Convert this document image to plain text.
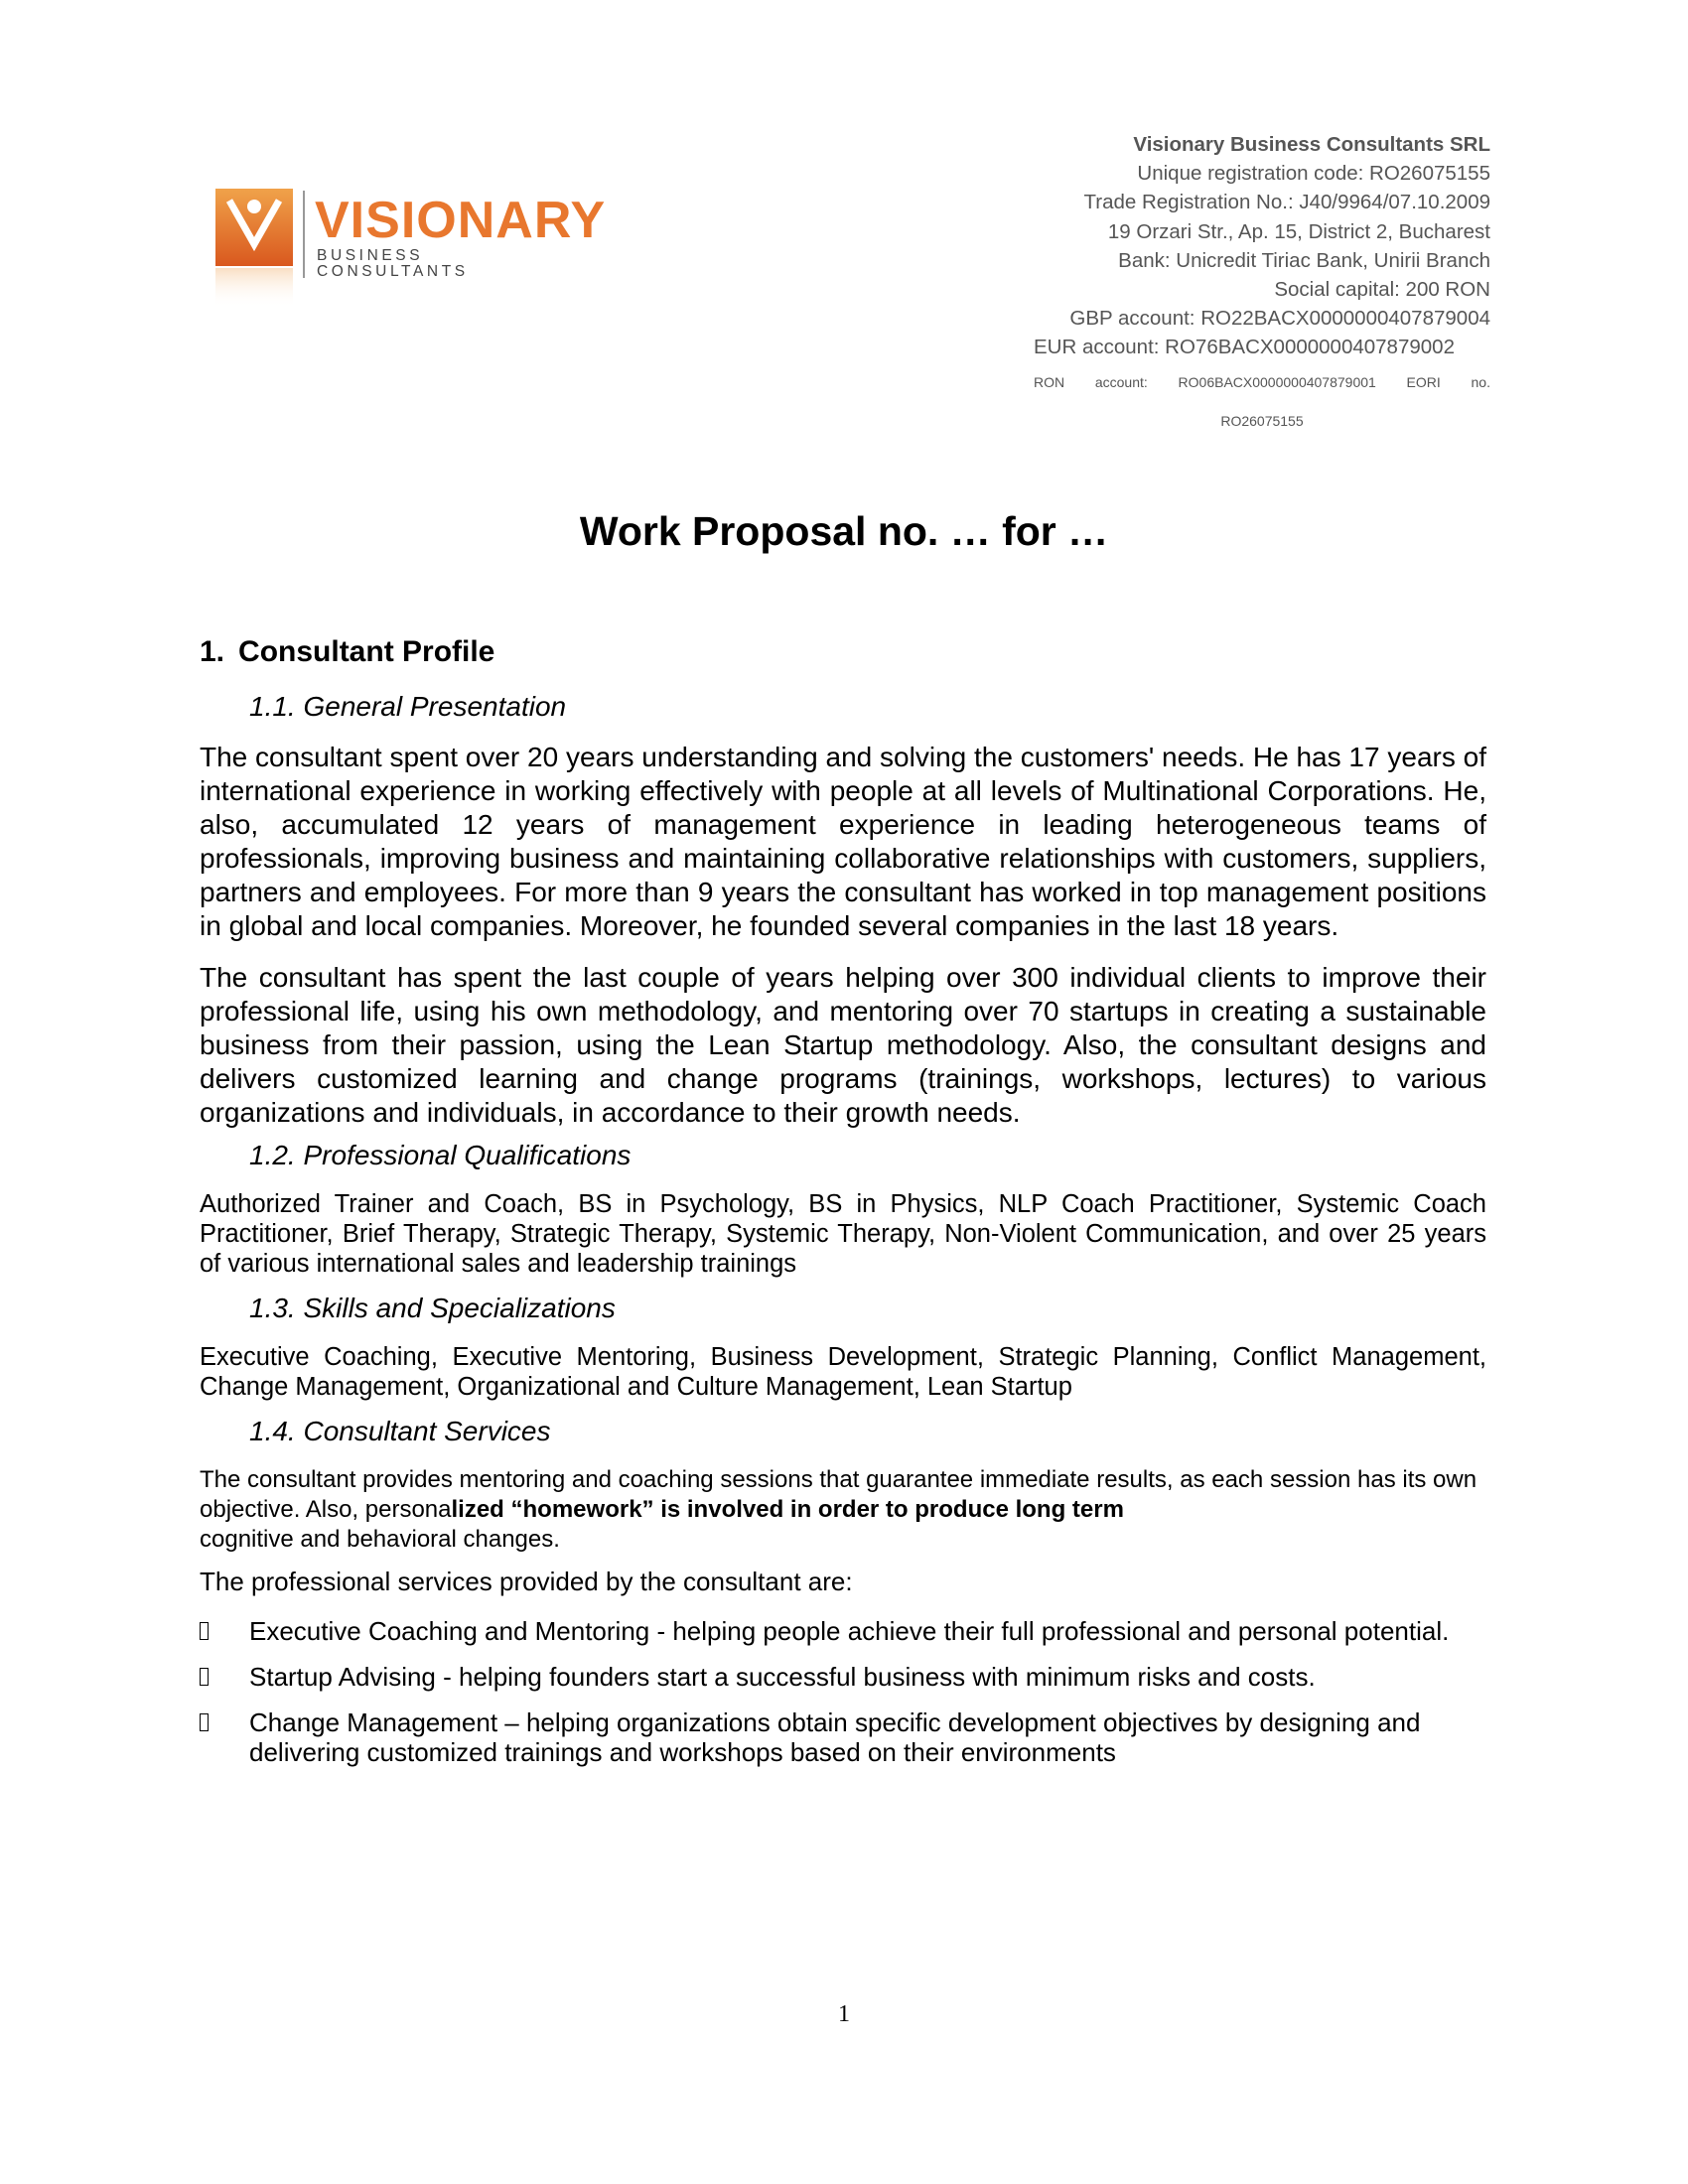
VISIONARY
BUSINESS CONSULTANTS
Visionary Business Consultants SRL
Unique registration code: RO26075155
Trade Registration No.: J40/9964/07.10.2009
19 Orzari Str., Ap. 15, District 2, Bucharest
Bank: Unicredit Tiriac Bank, Unirii Branch
Social capital: 200 RON
GBP account: RO22BACX0000000407879004
EUR account: RO76BACX0000000407879002
RON account: RO06BACX0000000407879001 EORI no.
RO26075155
Work Proposal no. … for …
1. Consultant Profile
1.1. General Presentation

The consultant spent over 20 years understanding and solving the customers' needs. He has 17 years of international experience in working effectively with people at all levels of Multinational Corporations. He, also, accumulated 12 years of management experience in leading heterogeneous teams of professionals, improving business and maintaining collaborative relationships with customers, suppliers, partners and employees. For more than 9 years the consultant has worked in top management positions in global and local companies. Moreover, he founded several companies in the last 18 years.

The consultant has spent the last couple of years helping over 300 individual clients to improve their professional life, using his own methodology, and mentoring over 70 startups in creating a sustainable business from their passion, using the Lean Startup methodology. Also, the consultant designs and delivers customized learning and change programs (trainings, workshops, lectures) to various organizations and individuals, in accordance to their growth needs.

1.2. Professional Qualifications

Authorized Trainer and Coach, BS in Psychology, BS in Physics, NLP Coach Practitioner, Systemic Coach Practitioner, Brief Therapy, Strategic Therapy, Systemic Therapy, Non-Violent Communication, and over 25 years of various international sales and leadership trainings

1.3. Skills and Specializations

Executive Coaching, Executive Mentoring, Business Development, Strategic Planning, Conflict Management, Change Management, Organizational and Culture Management, Lean Startup

1.4. Consultant Services

The consultant provides mentoring and coaching sessions that guarantee immediate results, as each session has its own objective. Also, personalized “homework” is involved in order to produce long term
cognitive and behavioral changes.

The professional services provided by the consultant are:

Executive Coaching and Mentoring - helping people achieve their full professional and personal potential.
Startup Advising - helping founders start a successful business with minimum risks and costs.
Change Management – helping organizations obtain specific development objectives by designing and delivering customized trainings and workshops based on their environments
1
